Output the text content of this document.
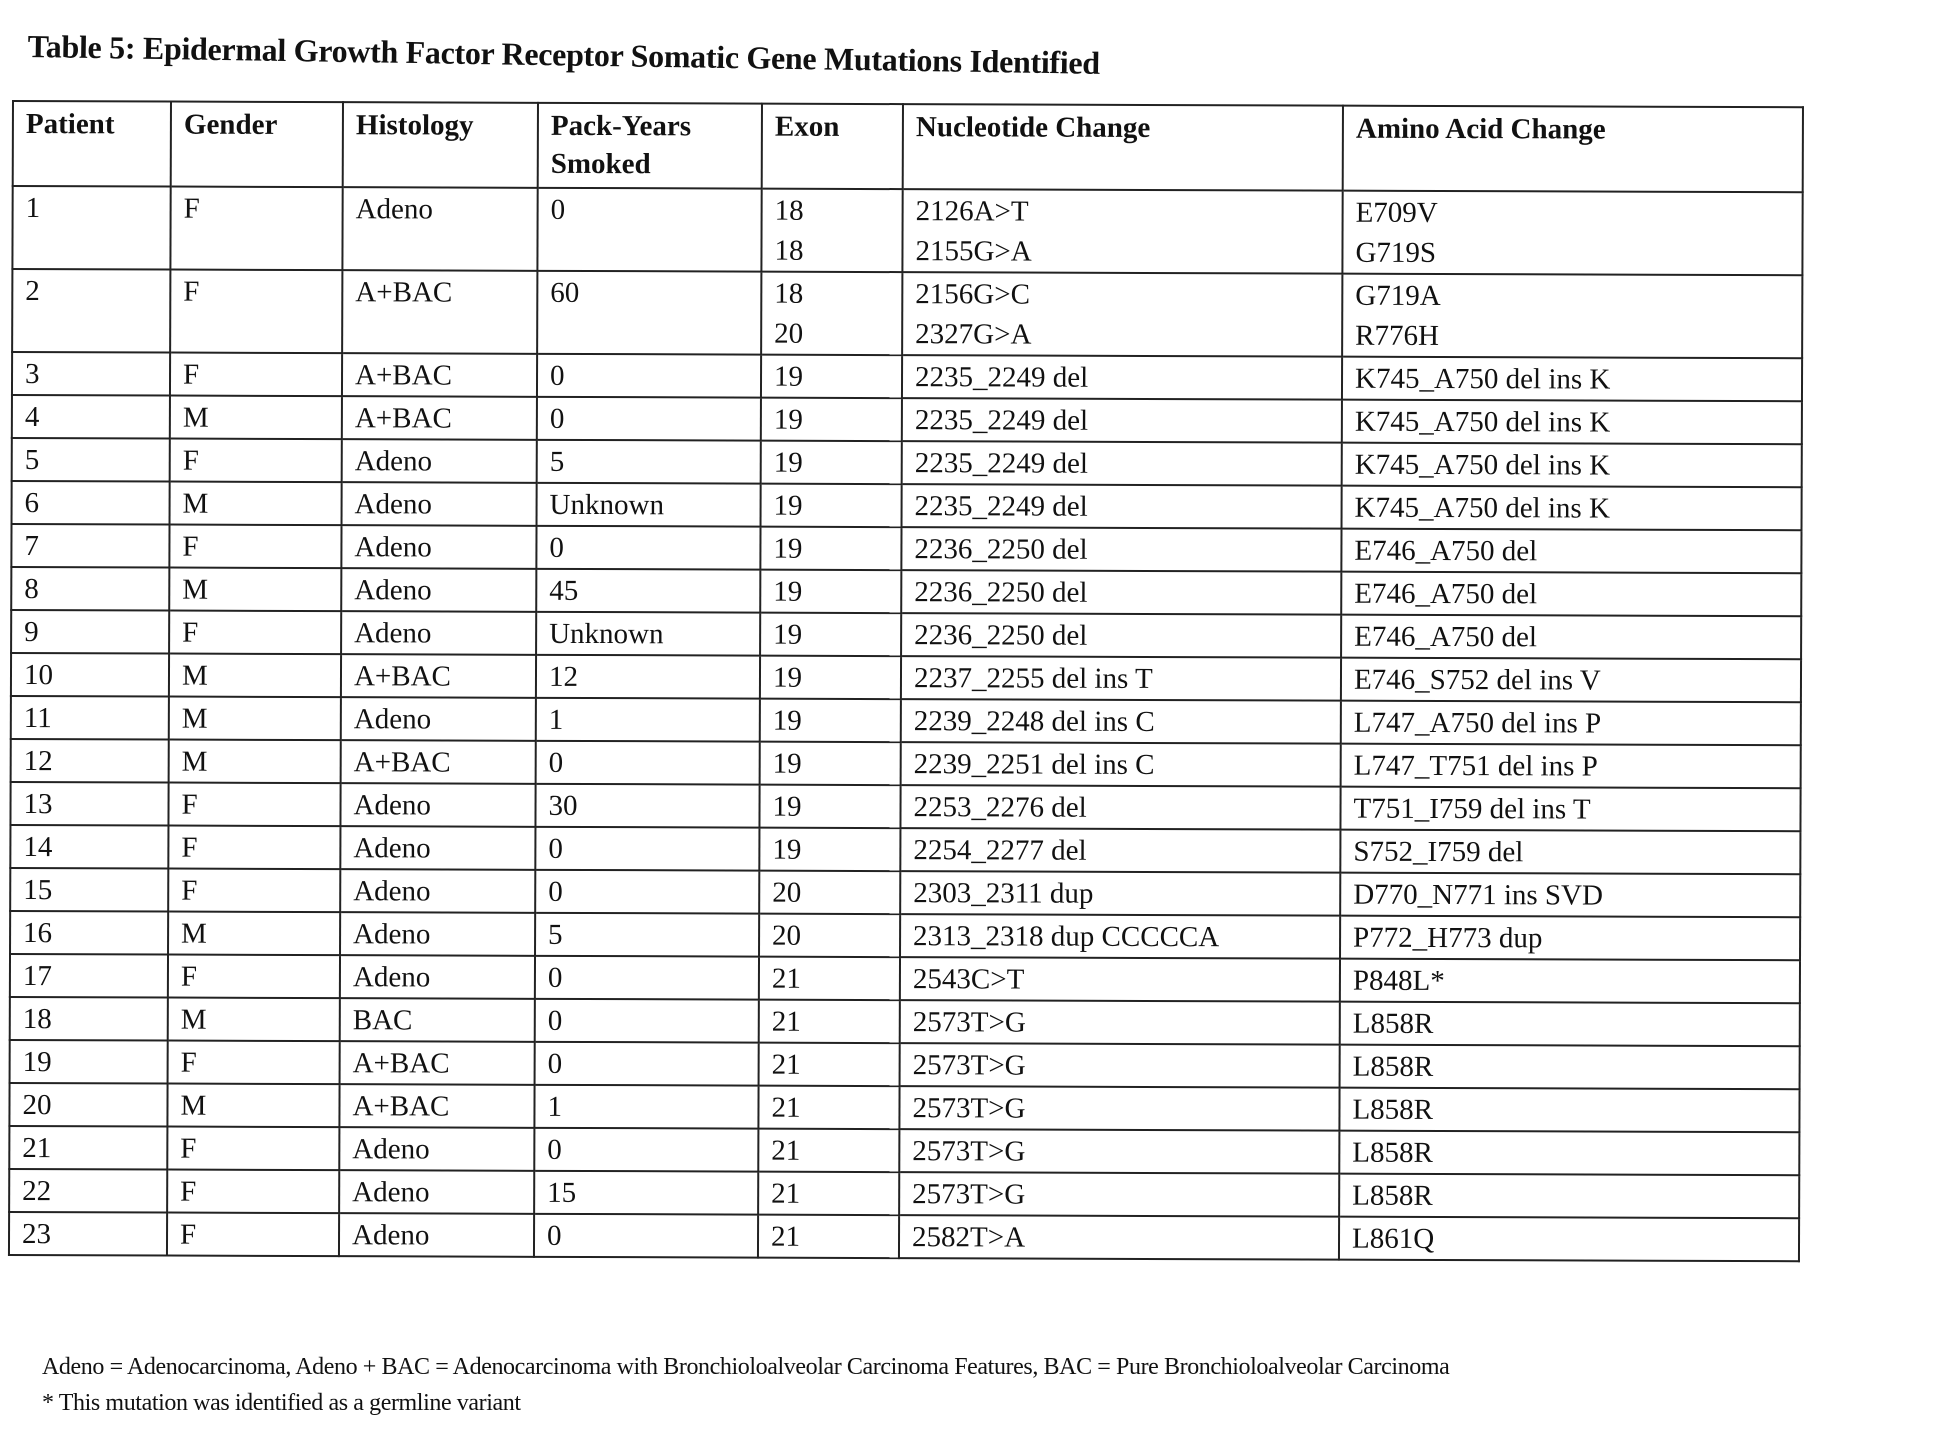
Table 5: Epidermal Growth Factor Receptor Somatic Gene Mutations Identified
Patient	Gender	Histology	Pack-Years Smoked	Exon	Nucleotide Change	Amino Acid Change
1	F	Adeno	0	18
18

2126A>T
2155G>A

E709V
G719S

2	F	A+BAC	60	18
20

2156G>C
2327G>A

G719A
R776H

3	F	A+BAC	0	19	2235_2249 del	K745_A750 del ins K

4	M	A+BAC	0	19	2235_2249 del	K745_A750 del ins K

5	F	Adeno	5	19	2235_2249 del	K745_A750 del ins K

6	M	Adeno	Unknown	19	2235_2249 del	K745_A750 del ins K

7	F	Adeno	0	19	2236_2250 del	E746_A750 del

8	M	Adeno	45	19	2236_2250 del	E746_A750 del

9	F	Adeno	Unknown	19	2236_2250 del	E746_A750 del

10	M	A+BAC	12	19	2237_2255 del ins T	E746_S752 del ins V

11	M	Adeno	1	19	2239_2248 del ins C	L747_A750 del ins P

12	M	A+BAC	0	19	2239_2251 del ins C	L747_T751 del ins P

13	F	Adeno	30	19	2253_2276 del	T751_I759 del ins T

14	F	Adeno	0	19	2254_2277 del	S752_I759 del

15	F	Adeno	0	20	2303_2311 dup	D770_N771 ins SVD

16	M	Adeno	5	20	2313_2318 dup CCCCCA	P772_H773 dup

17	F	Adeno	0	21	2543C>T	P848L*

18	M	BAC	0	21	2573T>G	L858R

19	F	A+BAC	0	21	2573T>G	L858R

20	M	A+BAC	1	21	2573T>G	L858R

21	F	Adeno	0	21	2573T>G	L858R

22	F	Adeno	15	21	2573T>G	L858R

23	F	Adeno	0	21	2582T>A	L861Q
Adeno = Adenocarcinoma, Adeno + BAC = Adenocarcinoma with Bronchioloalveolar Carcinoma Features, BAC = Pure Bronchioloalveolar Carcinoma
* This mutation was identified as a germline variant
